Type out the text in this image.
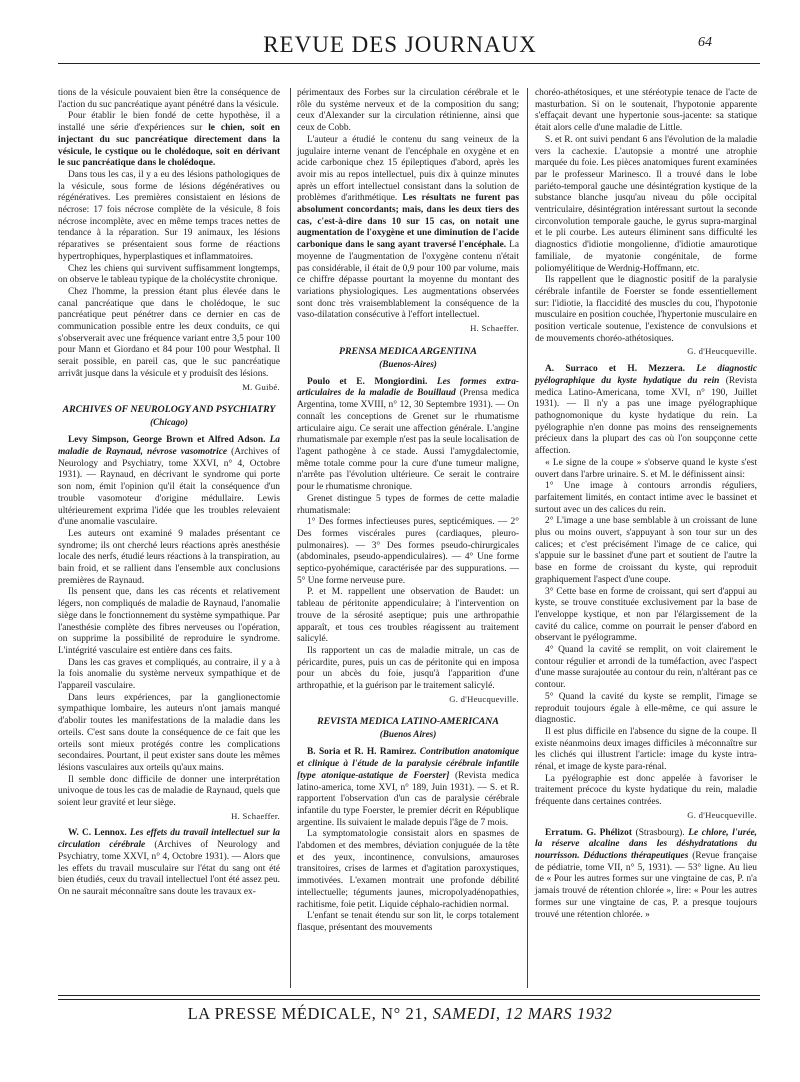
REVUE DES JOURNAUX	64

tions de la vésicule pouvaient bien être la conséquence de l'action du suc pancréatique ayant pénétré dans la vésicule.

Pour établir le bien fondé de cette hypothèse, il a installé une série d'expériences sur le chien, soit en injectant du suc pancréatique directement dans la vésicule, le cystique ou le cholédoque, soit en dérivant le suc pancréatique dans le cholédoque.

Dans tous les cas, il y a eu des lésions pathologiques de la vésicule, sous forme de lésions dégénératives ou régénératives. Les premières consistaient en lésions de nécrose: 17 fois nécrose complète de la vésicule, 8 fois nécrose incomplète, avec en même temps traces nettes de tendance à la réparation. Sur 19 animaux, les lésions réparatives se présentaient sous forme de réactions hypertrophiques, hyperplastiques et inflammatoires.

Chez les chiens qui survivent suffisamment longtemps, on observe le tableau typique de la cholécystite chronique.

Chez l'homme, la pression étant plus élevée dans le canal pancréatique que dans le cholédoque, le suc pancréatique peut pénétrer dans ce dernier en cas de communication possible entre les deux conduits, ce qui s'observerait avec une fréquence variant entre 3,5 pour 100 pour Mann et Giordano et 84 pour 100 pour Westphal. Il serait possible, en pareil cas, que le suc pancréatique arrivât jusque dans la vésicule et y produisît des lésions.

M. Guibé.

ARCHIVES OF NEUROLOGY AND PSYCHIATRY
(Chicago)

Levy Simpson, George Brown et Alfred Adson. La maladie de Raynaud, névrose vasomotrice (Archives of Neurology and Psychiatry, tome XXVI, n° 4, Octobre 1931). — Raynaud, en décrivant le syndrome qui porte son nom, émit l'opinion qu'il était la conséquence d'un trouble vasomoteur d'origine médullaire. Lewis ultérieurement exprima l'idée que les troubles relevaient d'une anomalie vasculaire.

Les auteurs ont examiné 9 malades présentant ce syndrome; ils ont cherché leurs réactions après anesthésie locale des nerfs, étudié leurs réactions à la transpiration, au bain froid, et se rallient dans l'ensemble aux conclusions premières de Raynaud.

Ils pensent que, dans les cas récents et relativement légers, non compliqués de maladie de Raynaud, l'anomalie siège dans le fonctionnement du système sympathique. Par l'anesthésie complète des fibres nerveuses ou l'opération, on supprime la possibilité de reproduire le syndrome. L'intégrité vasculaire est entière dans ces faits.

Dans les cas graves et compliqués, au contraire, il y a à la fois anomalie du système nerveux sympathique et de l'appareil vasculaire.

Dans leurs expériences, par la ganglionectomie sympathique lombaire, les auteurs n'ont jamais manqué d'abolir toutes les manifestations de la maladie dans les orteils. C'est sans doute la conséquence de ce fait que les orteils sont mieux protégés contre les complications secondaires. Pourtant, il peut exister sans doute les mêmes lésions vasculaires aux orteils qu'aux mains.

Il semble donc difficile de donner une interprétation univoque de tous les cas de maladie de Raynaud, quels que soient leur gravité et leur siège.

H. Schaeffer.

W. C. Lennox. Les effets du travail intellectuel sur la circulation cérébrale (Archives of Neurology and Psychiatry, tome XXVI, n° 4, Octobre 1931). — Alors que les effets du travail musculaire sur l'état du sang ont été bien étudiés, ceux du travail intellectuel l'ont été assez peu. On ne saurait méconnaître sans doute les travaux ex-

périmentaux des Forbes sur la circulation cérébrale et le rôle du système nerveux et de la composition du sang; ceux d'Alexander sur la circulation rétinienne, ainsi que ceux de Cobb.

L'auteur a étudié le contenu du sang veineux de la jugulaire interne venant de l'encéphale en oxygène et en acide carbonique chez 15 épileptiques d'abord, après les avoir mis au repos intellectuel, puis dix à quinze minutes après un effort intellectuel consistant dans la solution de problèmes d'arithmétique. Les résultats ne furent pas absolument concordants; mais, dans les deux tiers des cas, c'est-à-dire dans 10 sur 15 cas, on notait une augmentation de l'oxygène et une diminution de l'acide carbonique dans le sang ayant traversé l'encéphale. La moyenne de l'augmentation de l'oxygène contenu n'était pas considérable, il était de 0,9 pour 100 par volume, mais ce chiffre dépasse pourtant la moyenne du montant des variations physiologiques. Les augmentations observées sont donc très vraisemblablement la conséquence de la vaso-dilatation consécutive à l'effort intellectuel.

H. Schaeffer.

PRENSA MEDICA ARGENTINA
(Buenos-Aires)

Poulo et E. Mongiordini. Les formes extra-articulaires de la maladie de Bouillaud (Prensa medica Argentina, tome XVIII, n° 12, 30 Septembre 1931). — On connaît les conceptions de Grenet sur le rhumatisme articulaire aigu. Ce serait une affection générale. L'angine rhumatismale par exemple n'est pas la seule localisation de l'agent pathogène à ce stade. Aussi l'amygdalectomie, même totale comme pour la cure d'une tumeur maligne, n'arrête pas l'évolution ultérieure. Ce serait le contraire pour le rhumatisme chronique.

Grenet distingue 5 types de formes de cette maladie rhumatismale:

1° Des formes infectieuses pures, septicémiques. — 2° Des formes viscérales pures (cardiaques, pleuro-pulmonaires). — 3° Des formes pseudo-chirurgicales (abdominales, pseudo-appendiculaires). — 4° Une forme septico-pyohémique, caractérisée par des suppurations. — 5° Une forme nerveuse pure.

P. et M. rappellent une observation de Baudet: un tableau de péritonite appendiculaire; à l'intervention on trouve de la sérosité aseptique; puis une arthropathie apparaît, et tous ces troubles réagissent au traitement salicylé.

Ils rapportent un cas de maladie mitrale, un cas de péricardite, pures, puis un cas de péritonite qui en imposa pour un abcès du foie, jusqu'à l'apparition d'une arthropathie, et la guérison par le traitement salicylé.

G. d'Heucqueville.

REVISTA MEDICA LATINO-AMERICANA
(Buenos Aires)

B. Soria et R. H. Ramirez. Contribution anatomique et clinique à l'étude de la paralysie cérébrale infantile [type atonique-astatique de Foerster] (Revista medica latino-america, tome XVI, n° 189, Juin 1931). — S. et R. rapportent l'observation d'un cas de paralysie cérébrale infantile du type Foerster, le premier décrit en République argentine. Ils suivaient le malade depuis l'âge de 7 mois.

La symptomatologie consistait alors en spasmes de l'abdomen et des membres, déviation conjuguée de la tête et des yeux, incontinence, convulsions, amauroses transitoires, crises de larmes et d'agitation paroxystiques, immotivées. L'examen montrait une profonde débilité intellectuelle; téguments jaunes, micropolyadénopathies, rachitisme, foie petit. Liquide céphalo-rachidien normal.

L'enfant se tenait étendu sur son lit, le corps totalement flasque, présentant des mouvements

choréo-athétosiques, et une stéréotypie tenace de l'acte de masturbation. Si on le soutenait, l'hypotonie apparente s'effaçait devant une hypertonie sous-jacente: sa statique était alors celle d'une maladie de Little.

S. et R. ont suivi pendant 6 ans l'évolution de la maladie vers la cachexie. L'autopsie a montré une atrophie marquée du foie. Les pièces anatomiques furent examinées par le professeur Marinesco. Il a trouvé dans le lobe pariéto-temporal gauche une désintégration kystique de la substance blanche jusqu'au niveau du pôle occipital ventriculaire, désintégration intéressant surtout la seconde circonvolution temporale gauche, le gyrus supra-marginal et le pli courbe. Les auteurs éliminent sans difficulté les diagnostics d'idiotie mongolienne, d'idiotie amaurotique familiale, de myatonie congénitale, de forme poliomyélitique de Werdnig-Hoffmann, etc.

Ils rappellent que le diagnostic positif de la paralysie cérébrale infantile de Foerster se fonde essentiellement sur: l'idiotie, la flaccidité des muscles du cou, l'hypotonie musculaire en position couchée, l'hypertonie musculaire en position verticale soutenue, l'existence de convulsions et de mouvements choréo-athétosiques.

G. d'Heucqueville.

A. Surraco et H. Mezzera. Le diagnostic pyélographique du kyste hydatique du rein (Revista medica Latino-Americana, tome XVI, n° 190, Juillet 1931). — Il n'y a pas une image pyélographique pathognomonique du kyste hydatique du rein. La pyélographie n'en donne pas moins des renseignements précieux dans la plupart des cas où l'on soupçonne cette affection.

« Le signe de la coupe » s'observe quand le kyste s'est ouvert dans l'arbre urinaire. S. et M. le définissent ainsi:

1° Une image à contours arrondis réguliers, parfaitement limités, en contact intime avec le bassinet et surtout avec un des calices du rein.

2° L'image a une base semblable à un croissant de lune plus ou moins ouvert, s'appuyant à son tour sur un des calices; et c'est précisément l'image de ce calice, qui s'appuie sur le bassinet d'une part et soutient de l'autre la base en forme de croissant du kyste, qui reproduit graphiquement l'aspect d'une coupe.

3° Cette base en forme de croissant, qui sert d'appui au kyste, se trouve constituée exclusivement par la base de l'enveloppe kystique, et non par l'élargissement de la cavité du calice, comme on pourrait le penser d'abord en observant le pyélogramme.

4° Quand la cavité se remplit, on voit clairement le contour régulier et arrondi de la tuméfaction, avec l'aspect d'une masse surajoutée au contour du rein, n'altérant pas ce contour.

5° Quand la cavité du kyste se remplit, l'image se reproduit toujours égale à elle-même, ce qui assure le diagnostic.

Il est plus difficile en l'absence du signe de la coupe. Il existe néanmoins deux images difficiles à méconnaître sur les clichés qui illustrent l'article: image du kyste intra-rénal, et image de kyste para-rénal.

La pyélographie est donc appelée à favoriser le traitement précoce du kyste hydatique du rein, maladie fréquente dans certaines contrées.

G. d'Heucqueville.

Erratum. G. Phélizot (Strasbourg). Le chlore, l'urée, la réserve alcaline dans les déshydratations du nourrisson. Déductions thérapeutiques (Revue française de pédiatrie, tome VII, n° 5, 1931). — 53° ligne. Au lieu de « Pour les autres formes sur une vingtaine de cas, P. n'a jamais trouvé de rétention chlorée », lire: « Pour les autres formes sur une vingtaine de cas, P. a presque toujours trouvé une rétention chlorée. »

LA PRESSE MÉDICALE, N° 21, SAMEDI, 12 MARS 1932
